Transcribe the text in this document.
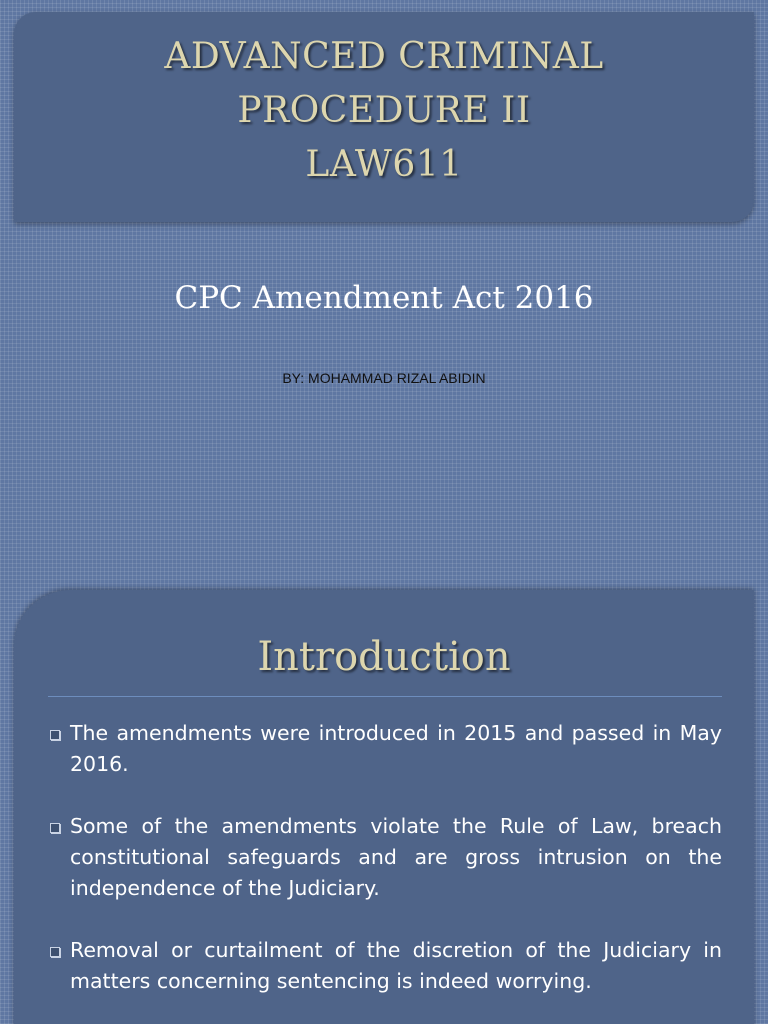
ADVANCED CRIMINAL
PROCEDURE II
LAW611
CPC Amendment Act 2016
BY: MOHAMMAD RIZAL ABIDIN
Introduction
The amendments were introduced in 2015 and passed in May 2016.
Some of the amendments violate the Rule of Law, breach constitutional safeguards and are gross intrusion on the independence of the Judiciary.
Removal or curtailment of the discretion of the Judiciary in matters concerning sentencing is indeed worrying.
